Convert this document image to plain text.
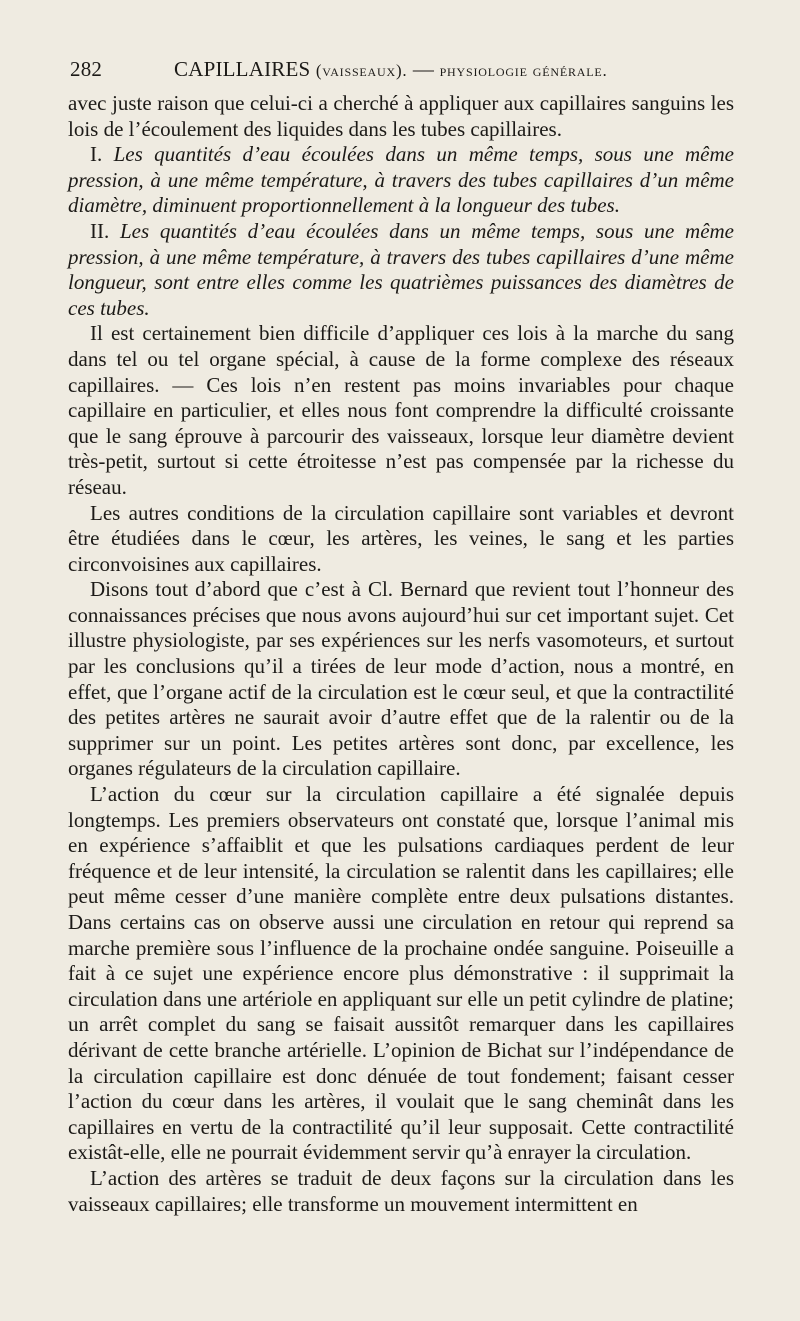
282	CAPILLAIRES (vaisseaux). — physiologie générale.

avec juste raison que celui-ci a cherché à appliquer aux capillaires sanguins les lois de l’écoulement des liquides dans les tubes capillaires.

I. Les quantités d’eau écoulées dans un même temps, sous une même pression, à une même température, à travers des tubes capillaires d’un même diamètre, diminuent proportionnellement à la longueur des tubes.

II. Les quantités d’eau écoulées dans un même temps, sous une même pression, à une même température, à travers des tubes capillaires d’une même longueur, sont entre elles comme les quatrièmes puissances des diamètres de ces tubes.

Il est certainement bien difficile d’appliquer ces lois à la marche du sang dans tel ou tel organe spécial, à cause de la forme complexe des réseaux capillaires. — Ces lois n’en restent pas moins invariables pour chaque capillaire en particulier, et elles nous font comprendre la difficulté croissante que le sang éprouve à parcourir des vaisseaux, lorsque leur diamètre devient très-petit, surtout si cette étroitesse n’est pas compensée par la richesse du réseau.

Les autres conditions de la circulation capillaire sont variables et devront être étudiées dans le cœur, les artères, les veines, le sang et les parties circonvoisines aux capillaires.

Disons tout d’abord que c’est à Cl. Bernard que revient tout l’honneur des connaissances précises que nous avons aujourd’hui sur cet important sujet. Cet illustre physiologiste, par ses expériences sur les nerfs vasomoteurs, et surtout par les conclusions qu’il a tirées de leur mode d’action, nous a montré, en effet, que l’organe actif de la circulation est le cœur seul, et que la contractilité des petites artères ne saurait avoir d’autre effet que de la ralentir ou de la supprimer sur un point. Les petites artères sont donc, par excellence, les organes régulateurs de la circulation capillaire.

L’action du cœur sur la circulation capillaire a été signalée depuis longtemps. Les premiers observateurs ont constaté que, lorsque l’animal mis en expérience s’affaiblit et que les pulsations cardiaques perdent de leur fréquence et de leur intensité, la circulation se ralentit dans les capillaires; elle peut même cesser d’une manière complète entre deux pulsations distantes. Dans certains cas on observe aussi une circulation en retour qui reprend sa marche première sous l’influence de la prochaine ondée sanguine. Poiseuille a fait à ce sujet une expérience encore plus démonstrative : il supprimait la circulation dans une artériole en appliquant sur elle un petit cylindre de platine; un arrêt complet du sang se faisait aussitôt remarquer dans les capillaires dérivant de cette branche artérielle. L’opinion de Bichat sur l’indépendance de la circulation capillaire est donc dénuée de tout fondement; faisant cesser l’action du cœur dans les artères, il voulait que le sang cheminât dans les capillaires en vertu de la contractilité qu’il leur supposait. Cette contractilité existât-elle, elle ne pourrait évidemment servir qu’à enrayer la circulation.

L’action des artères se traduit de deux façons sur la circulation dans les vaisseaux capillaires; elle transforme un mouvement intermittent en
